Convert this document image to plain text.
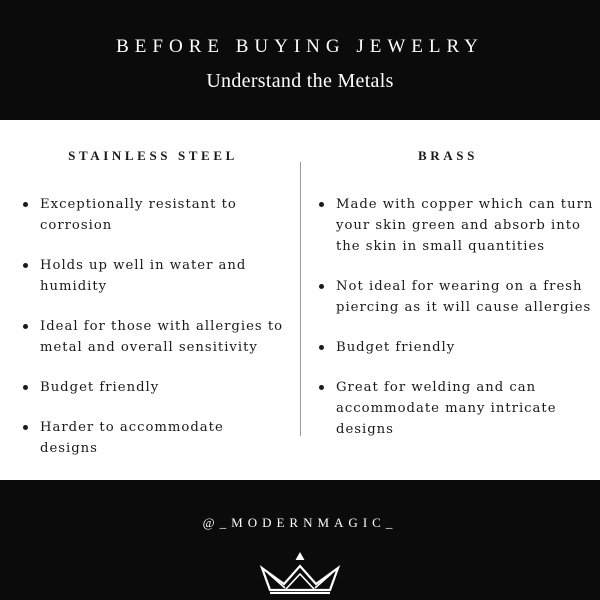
BEFORE BUYING JEWELRY
Understand the Metals
STAINLESS STEEL
Exceptionally resistant to corrosion
Holds up well in water and humidity
Ideal for those with allergies to metal and overall sensitivity
Budget friendly
Harder to accommodate designs
BRASS
Made with copper which can turn your skin green and absorb into the skin in small quantities
Not ideal for wearing on a fresh piercing as it will cause allergies
Budget friendly
Great for welding and can accommodate many intricate designs
@_MODERNMAGIC_
